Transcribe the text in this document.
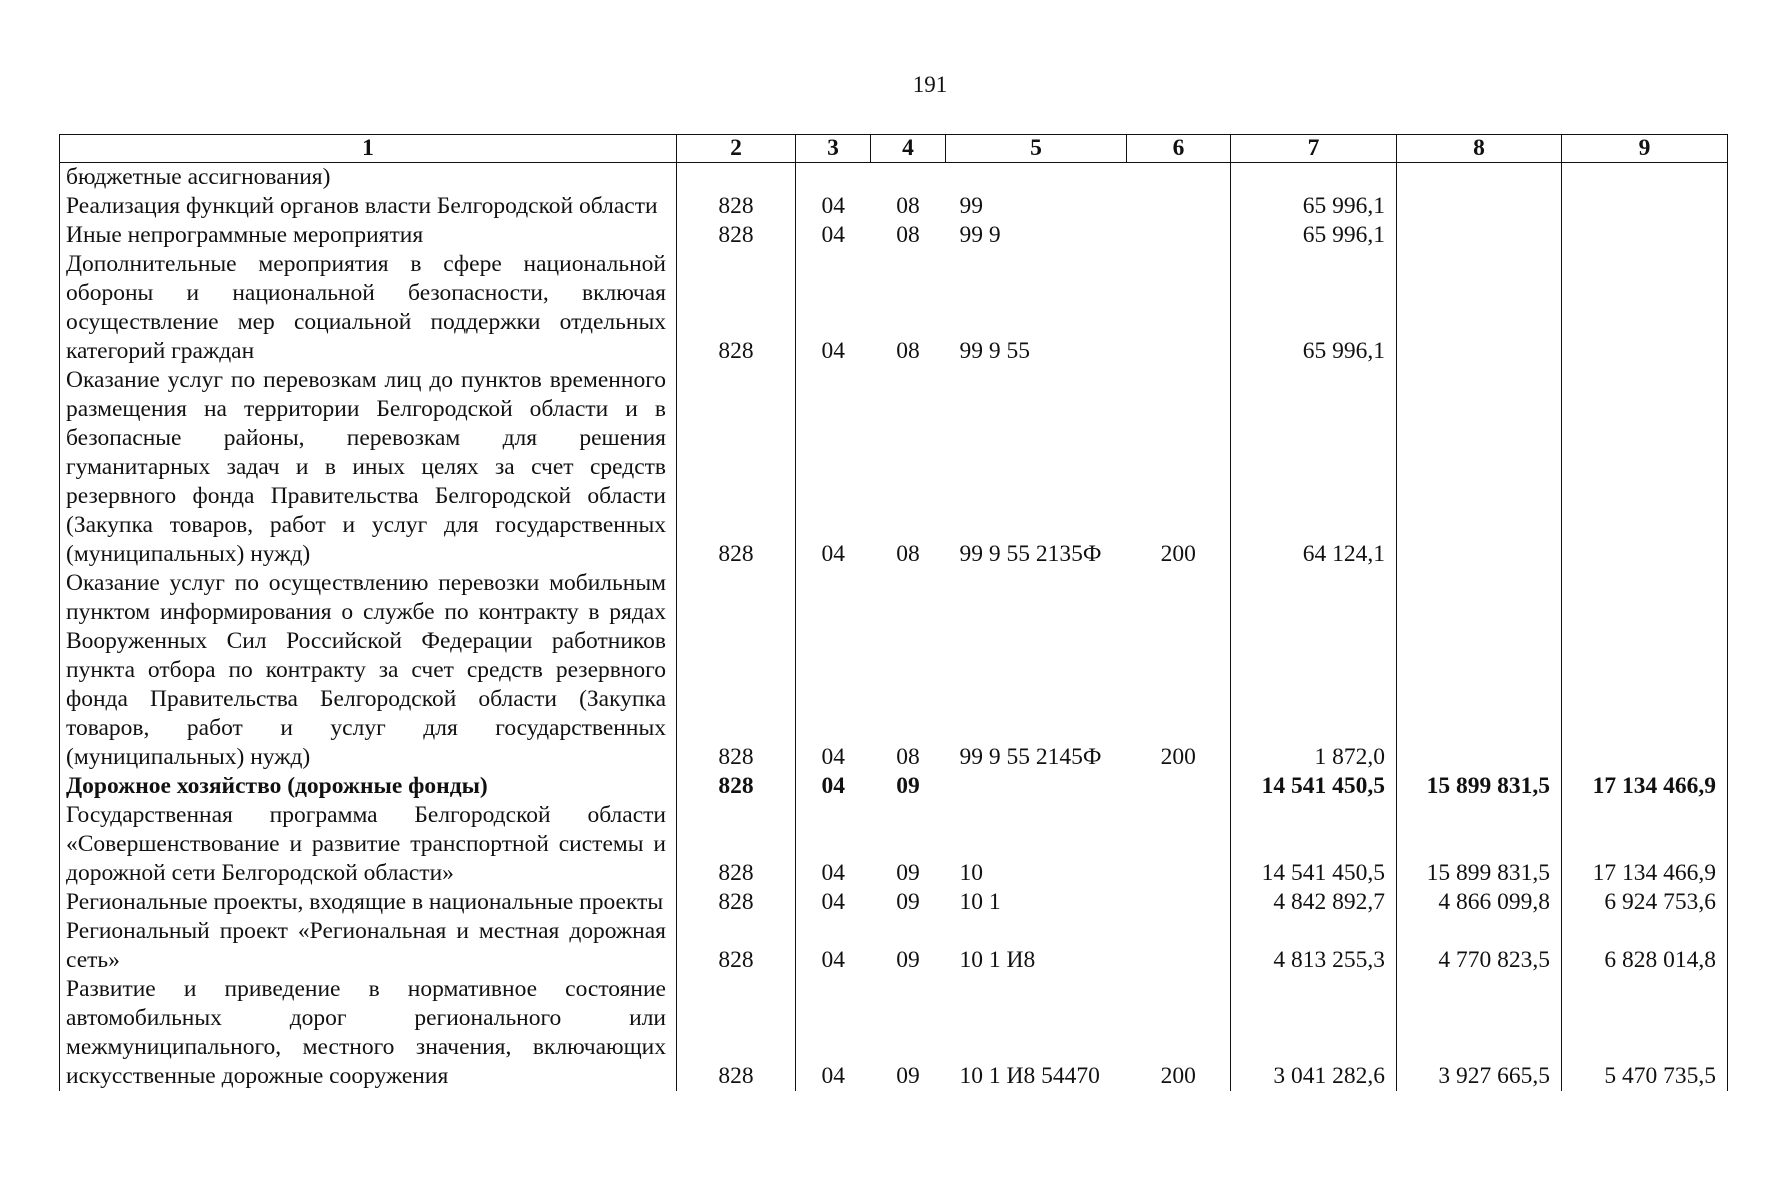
191
1	2	3	4	5	6	7	8	9
бюджетные ассигнования)								
Реализация функций органов власти Белгородской области	828	04	08	99		65 996,1		
Иные непрограммные мероприятия	828	04	08	99 9		65 996,1		
Дополнительные мероприятия в сфере национальной обороны и национальной безопасности, включая осуществление мер социальной поддержки отдельных категорий граждан	828	04	08	99 9 55		65 996,1		
Оказание услуг по перевозкам лиц до пунктов временного размещения на территории Белгородской области и в безопасные районы, перевозкам для решения гуманитарных задач и в иных целях за счет средств резервного фонда Правительства Белгородской области (Закупка товаров, работ и услуг для государственных (муниципальных) нужд)	828	04	08	99 9 55 2135Ф	200	64 124,1		
Оказание услуг по осуществлению перевозки мобильным пунктом информирования о службе по контракту в рядах Вооруженных Сил Российской Федерации работников пункта отбора по контракту за счет средств резервного фонда Правительства Белгородской области (Закупка товаров, работ и услуг для государственных (муниципальных) нужд)	828	04	08	99 9 55 2145Ф	200	1 872,0		
Дорожное хозяйство (дорожные фонды)	828	04	09			14 541 450,5	15 899 831,5	17 134 466,9
Государственная программа Белгородской области «Совершенствование и развитие транспортной системы и дорожной сети Белгородской области»	828	04	09	10		14 541 450,5	15 899 831,5	17 134 466,9
Региональные проекты, входящие в национальные проекты	828	04	09	10 1		4 842 892,7	4 866 099,8	6 924 753,6
Региональный проект «Региональная и местная дорожная сеть»	828	04	09	10 1 И8		4 813 255,3	4 770 823,5	6 828 014,8
Развитие и приведение в нормативное состояние автомобильных дорог регионального или межмуниципального, местного значения, включающих искусственные дорожные сооружения	828	04	09	10 1 И8 54470	200	3 041 282,6	3 927 665,5	5 470 735,5
